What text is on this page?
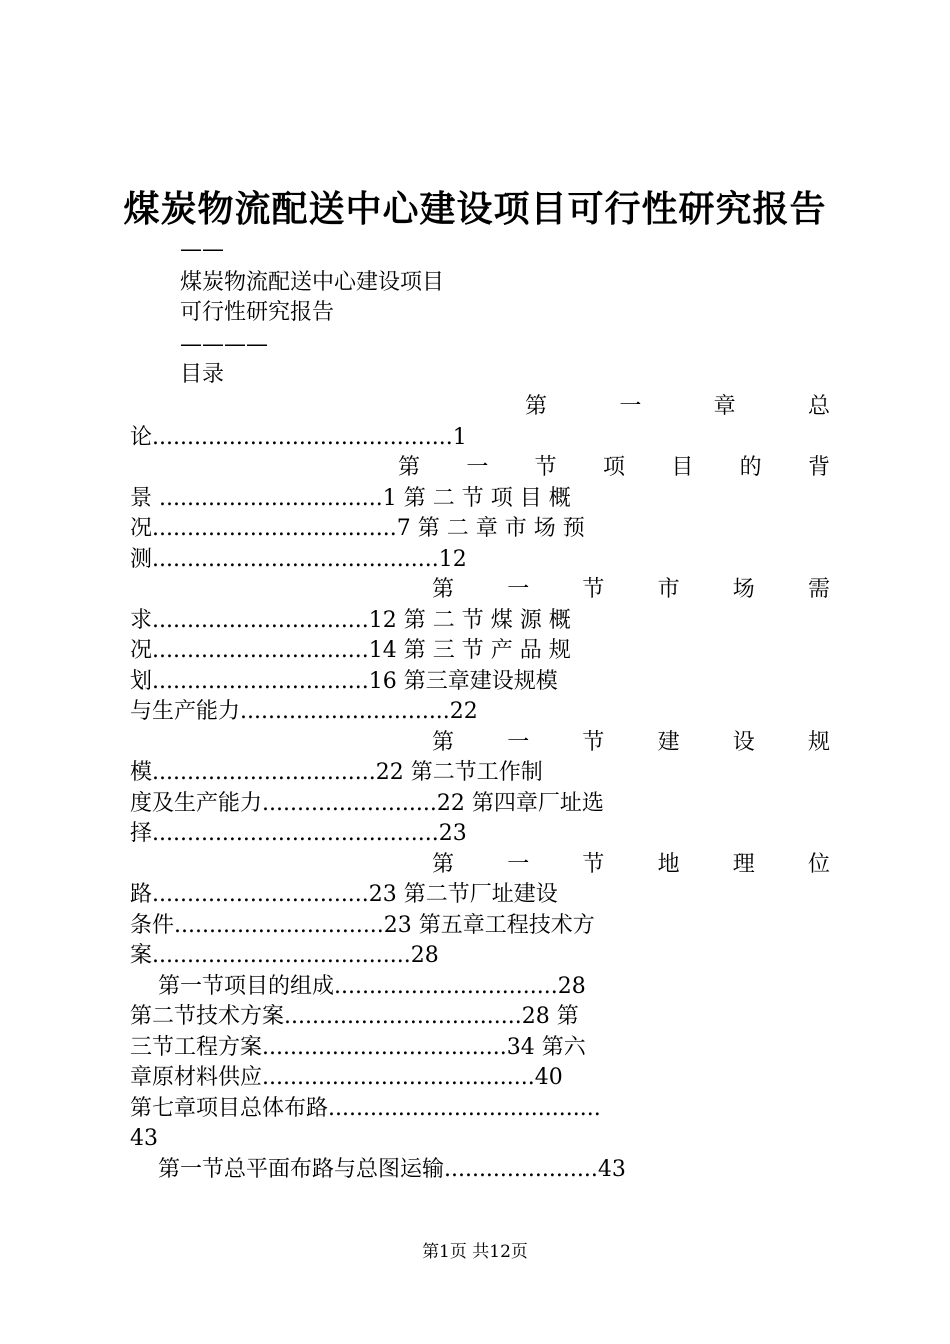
煤炭物流配送中心建设项目可行性研究报告
——
煤炭物流配送中心建设项目
可行性研究报告
————
目录
第	一	章	总
论...........................................1
第 一 节 项 目 的 背
景 ................................1 第 二 节 项 目 概
况...................................7 第 二 章 市 场 预
测.........................................12
第 一 节 市 场 需
求...............................12 第 二 节 煤 源 概
况...............................14 第 三 节 产 品 规
划...............................16 第三章建设规模
与生产能力..............................22
第 一 节 建 设 规
模................................22 第二节工作制
度及生产能力.........................22 第四章厂址选
择.........................................23
第 一 节 地 理 位
路...............................23 第二节厂址建设
条件..............................23 第五章工程技术方
案.....................................28
第一节项目的组成................................28
第二节技术方案..................................28 第
三节工程方案...................................34 第六
章原材料供应.......................................40
第七章项目总体布路.......................................
43
第一节总平面布路与总图运输......................43
第1页 共12页
